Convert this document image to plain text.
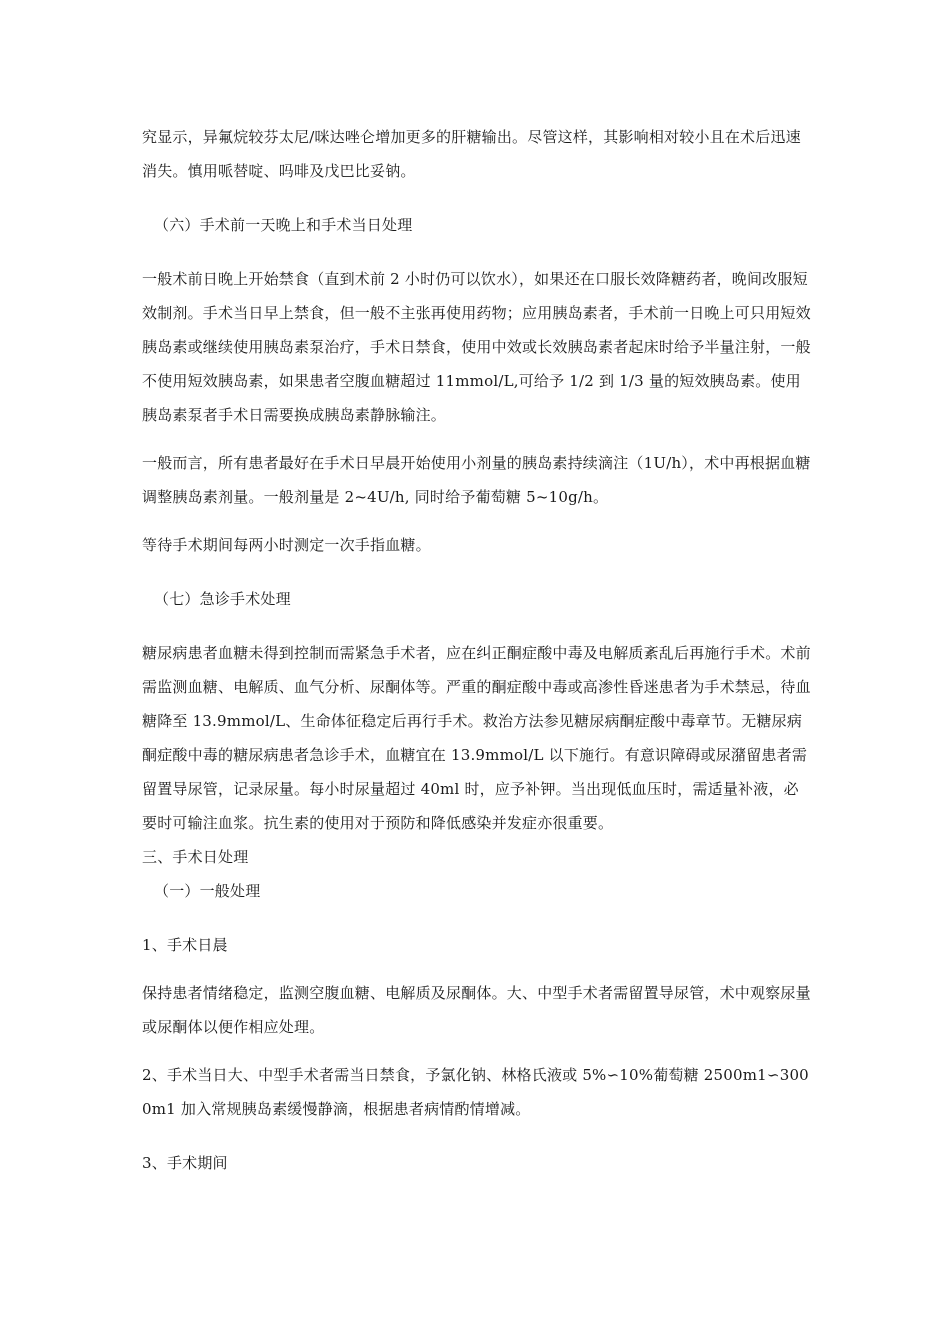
究显示，异氟烷较芬太尼/咪达唑仑增加更多的肝糖输出。尽管这样，其影响相对较小且在术后迅速消失。慎用哌替啶、吗啡及戊巴比妥钠。

（六）手术前一天晚上和手术当日处理

一般术前日晚上开始禁食（直到术前 2 小时仍可以饮水），如果还在口服长效降糖药者，晚间改服短效制剂。手术当日早上禁食，但一般不主张再使用药物；应用胰岛素者，手术前一日晚上可只用短效胰岛素或继续使用胰岛素泵治疗，手术日禁食，使用中效或长效胰岛素者起床时给予半量注射，一般不使用短效胰岛素，如果患者空腹血糖超过 11mmol/L,可给予 1/2 到 1/3 量的短效胰岛素。使用胰岛素泵者手术日需要换成胰岛素静脉输注。

一般而言，所有患者最好在手术日早晨开始使用小剂量的胰岛素持续滴注（1U/h），术中再根据血糖调整胰岛素剂量。一般剂量是 2~4U/h, 同时给予葡萄糖 5~10g/h。

等待手术期间每两小时测定一次手指血糖。

（七）急诊手术处理

糖尿病患者血糖未得到控制而需紧急手术者，应在纠正酮症酸中毒及电解质紊乱后再施行手术。术前需监测血糖、电解质、血气分析、尿酮体等。严重的酮症酸中毒或高渗性昏迷患者为手术禁忌，待血糖降至 13.9mmol/L、生命体征稳定后再行手术。救治方法参见糖尿病酮症酸中毒章节。无糖尿病酮症酸中毒的糖尿病患者急诊手术，血糖宜在 13.9mmol/L 以下施行。有意识障碍或尿潴留患者需留置导尿管，记录尿量。每小时尿量超过 40ml 时，应予补钾。当出现低血压时，需适量补液，必要时可输注血浆。抗生素的使用对于预防和降低感染并发症亦很重要。

三、手术日处理

（一）一般处理

1、手术日晨

保持患者情绪稳定，监测空腹血糖、电解质及尿酮体。大、中型手术者需留置导尿管，术中观察尿量或尿酮体以便作相应处理。

2、手术当日大、中型手术者需当日禁食，予氯化钠、林格氏液或 5%∽10%葡萄糖 2500m1∽3000m1 加入常规胰岛素缓慢静滴，根据患者病情酌情增减。

3、手术期间
